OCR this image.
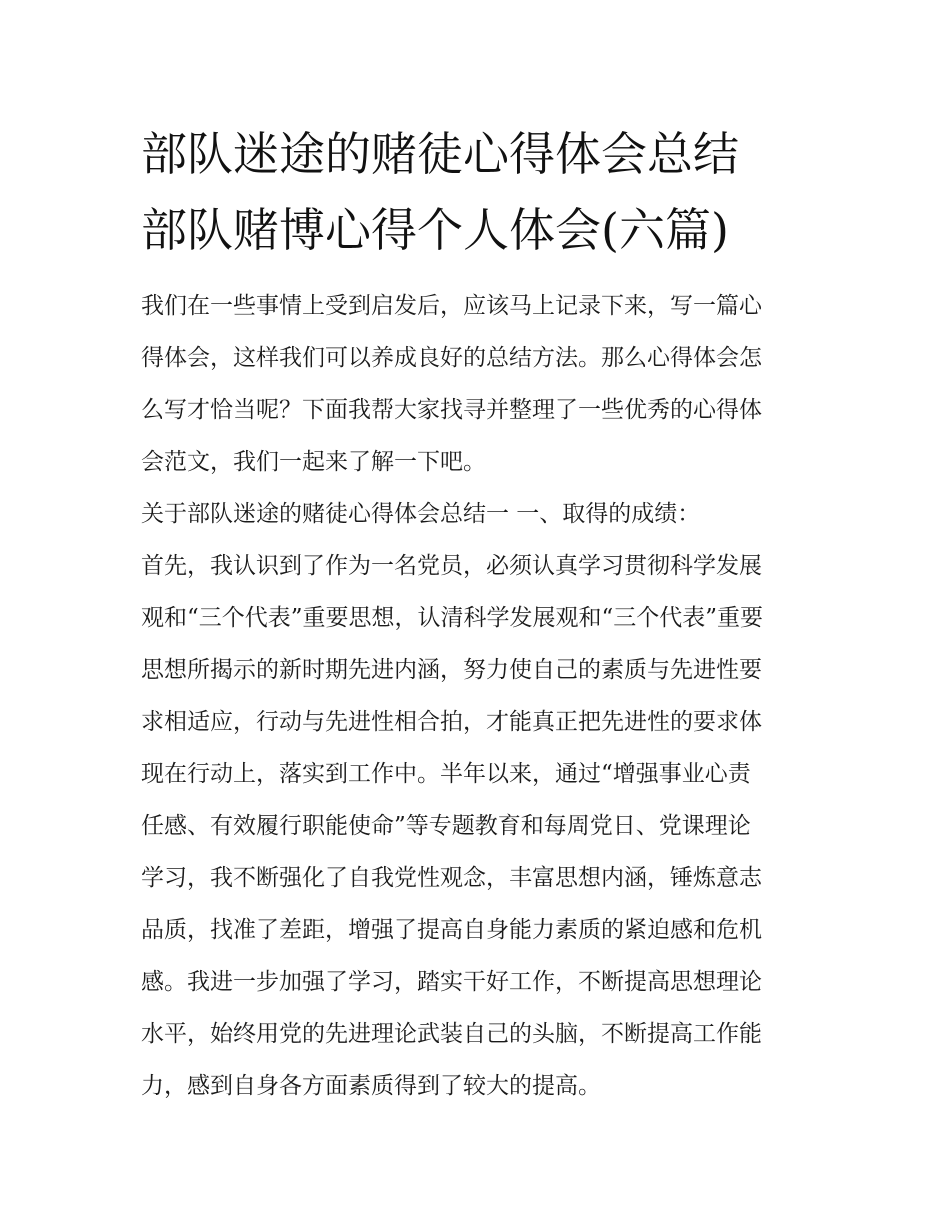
部队迷途的赌徒心得体会总结
部队赌博心得个人体会(六篇)

我们在一些事情上受到启发后，应该马上记录下来，写一篇心
得体会，这样我们可以养成良好的总结方法。那么心得体会怎
么写才恰当呢？下面我帮大家找寻并整理了一些优秀的心得体
会范文，我们一起来了解一下吧。

关于部队迷途的赌徒心得体会总结一 一、取得的成绩：

首先，我认识到了作为一名党员，必须认真学习贯彻科学发展
观和“三个代表”重要思想，认清科学发展观和“三个代表”重要
思想所揭示的新时期先进内涵，努力使自己的素质与先进性要
求相适应，行动与先进性相合拍，才能真正把先进性的要求体
现在行动上，落实到工作中。半年以来，通过“增强事业心责
任感、有效履行职能使命”等专题教育和每周党日、党课理论
学习，我不断强化了自我党性观念，丰富思想内涵，锤炼意志
品质，找准了差距，增强了提高自身能力素质的紧迫感和危机
感。我进一步加强了学习，踏实干好工作，不断提高思想理论
水平，始终用党的先进理论武装自己的头脑，不断提高工作能
力，感到自身各方面素质得到了较大的提高。
